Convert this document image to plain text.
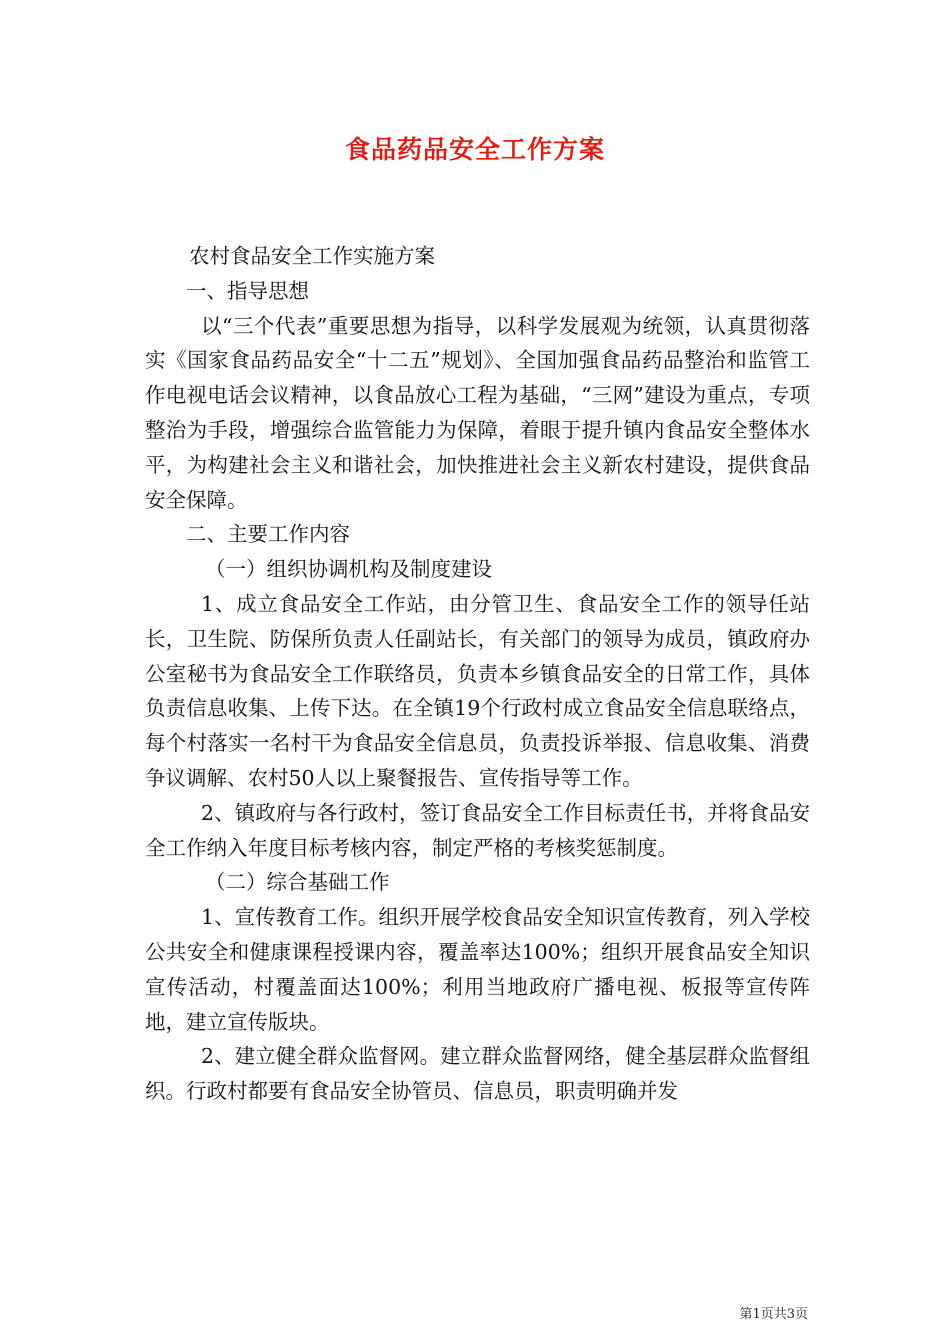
食品药品安全工作方案

农村食品安全工作实施方案

一、指导思想

以“三个代表”重要思想为指导，以科学发展观为统领，认真贯彻落实《国家食品药品安全“十二五”规划》、全国加强食品药品整治和监管工作电视电话会议精神，以食品放心工程为基础，“三网”建设为重点，专项整治为手段，增强综合监管能力为保障，着眼于提升镇内食品安全整体水平，为构建社会主义和谐社会，加快推进社会主义新农村建设，提供食品安全保障。

二、主要工作内容

（一）组织协调机构及制度建设

1、成立食品安全工作站，由分管卫生、食品安全工作的领导任站长，卫生院、防保所负责人任副站长，有关部门的领导为成员，镇政府办公室秘书为食品安全工作联络员，负责本乡镇食品安全的日常工作，具体负责信息收集、上传下达。在全镇19个行政村成立食品安全信息联络点，每个村落实一名村干为食品安全信息员，负责投诉举报、信息收集、消费争议调解、农村50人以上聚餐报告、宣传指导等工作。

2、镇政府与各行政村，签订食品安全工作目标责任书，并将食品安全工作纳入年度目标考核内容，制定严格的考核奖惩制度。

（二）综合基础工作

1、宣传教育工作。组织开展学校食品安全知识宣传教育，列入学校公共安全和健康课程授课内容，覆盖率达100%；组织开展食品安全知识宣传活动，村覆盖面达100%；利用当地政府广播电视、板报等宣传阵地，建立宣传版块。

2、建立健全群众监督网。建立群众监督网络，健全基层群众监督组织。行政村都要有食品安全协管员、信息员，职责明确并发

第1页共3页
